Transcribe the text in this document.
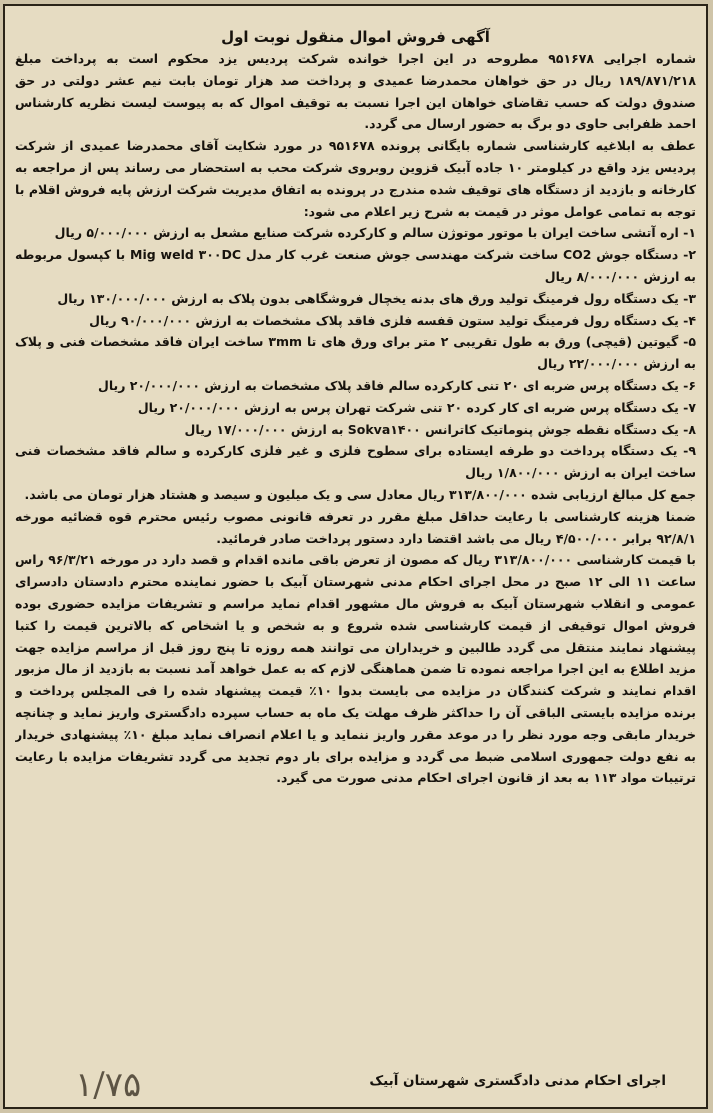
آگهی فروش اموال منقول نوبت اول

شماره اجرایی ۹۵۱۶۷۸ مطروحه در این اجرا خوانده شرکت پردیس یزد محکوم است به پرداخت مبلغ ۱۸۹/۸۷۱/۲۱۸ ریال در حق خواهان محمدرضا عمیدی و پرداخت صد هزار تومان بابت نیم عشر دولتی در حق صندوق دولت که حسب تقاضای خواهان این اجرا نسبت به توقیف اموال که به پیوست لیست نظریه کارشناس احمد ظفرابی حاوی دو برگ به حضور ارسال می گردد.

عطف به ابلاغیه کارشناسی شماره بایگانی پرونده ۹۵۱۶۷۸ در مورد شکایت آقای محمدرضا عمیدی از شرکت پردیس یزد واقع در کیلومتر ۱۰ جاده آبیک قزوین روبروی شرکت محب به استحضار می رساند پس از مراجعه به کارخانه و بازدید از دستگاه های توقیف شده مندرج در پرونده به اتفاق مدیریت شرکت ارزش پایه فروش اقلام با توجه به تمامی عوامل موثر در قیمت به شرح زیر اعلام می شود:

۱- اره آتشی ساخت ایران با موتور موتوژن سالم و کارکرده شرکت صنایع مشعل به ارزش ۵/۰۰۰/۰۰۰ ریال
۲- دستگاه جوش CO2 ساخت شرکت مهندسی جوش صنعت غرب کار مدل Mig weld ۳۰۰DC با کپسول مربوطه به ارزش ۸/۰۰۰/۰۰۰ ریال
۳- یک دستگاه رول فرمینگ تولید ورق های بدنه یخچال فروشگاهی بدون پلاک به ارزش ۱۳۰/۰۰۰/۰۰۰ ریال
۴- یک دستگاه رول فرمینگ تولید ستون قفسه فلزی فاقد پلاک مشخصات به ارزش ۹۰/۰۰۰/۰۰۰ ریال
۵- گیوتین (قیچی) ورق به طول تقریبی ۲ متر برای ورق های تا ۳mm ساخت ایران فاقد مشخصات فنی و پلاک به ارزش ۲۲/۰۰۰/۰۰۰ ریال
۶- یک دستگاه پرس ضربه ای ۲۰ تنی کارکرده سالم فاقد پلاک مشخصات به ارزش ۲۰/۰۰۰/۰۰۰ ریال
۷- یک دستگاه پرس ضربه ای کار کرده ۲۰ تنی شرکت تهران پرس به ارزش ۲۰/۰۰۰/۰۰۰ ریال
۸- یک دستگاه نقطه جوش پنوماتیک کاترانس Sokva۱۴۰۰ به ارزش ۱۷/۰۰۰/۰۰۰ ریال
۹- یک دستگاه پرداخت دو طرفه ایستاده برای سطوح فلزی و غیر فلزی کارکرده و سالم فاقد مشخصات فنی ساخت ایران به ارزش ۱/۸۰۰/۰۰۰ ریال

جمع کل مبالغ ارزیابی شده ۳۱۳/۸۰۰/۰۰۰ ریال معادل سی و یک میلیون و سیصد و هشتاد هزار تومان می باشد.

ضمنا هزینه کارشناسی با رعایت حداقل مبلغ مقرر در تعرفه قانونی مصوب رئیس محترم قوه قضائیه مورخه ۹۲/۸/۱ برابر ۴/۵۰۰/۰۰۰ ریال می باشد اقتضا دارد دستور پرداخت صادر فرمائید.

با قیمت کارشناسی ۳۱۳/۸۰۰/۰۰۰ ریال که مصون از تعرض باقی مانده اقدام و قصد دارد در مورخه ۹۶/۳/۲۱ راس ساعت ۱۱ الی ۱۲ صبح در محل اجرای احکام مدنی شهرستان آبیک با حضور نماینده محترم دادستان دادسرای عمومی و انقلاب شهرستان آبیک به فروش مال مشهور اقدام نماید مراسم و تشریفات مزایده حضوری بوده فروش اموال توقیفی از قیمت کارشناسی شده شروع و به شخص و یا اشخاص که بالاترین قیمت را کتبا پیشنهاد نمایند منتقل می گردد طالبین و خریداران می توانند همه روزه تا پنج روز قبل از مراسم مزایده جهت مزید اطلاع به این اجرا مراجعه نموده تا ضمن هماهنگی لازم که به عمل خواهد آمد نسبت به بازدید از مال مزبور اقدام نمایند و شرکت کنندگان در مزایده می بایست بدوا ۱۰٪ قیمت پیشنهاد شده را فی المجلس پرداخت و برنده مزایده بایستی الباقی آن را حداکثر ظرف مهلت یک ماه به حساب سپرده دادگستری واریز نماید و چنانچه خریدار مابقی وجه مورد نظر را در موعد مقرر واریز ننماید و یا اعلام انصراف نماید مبلغ ۱۰٪ پیشنهادی خریدار به نفع دولت جمهوری اسلامی ضبط می گردد و مزایده برای بار دوم تجدید می گردد تشریفات مزایده با رعایت ترتیبات مواد ۱۱۳ به بعد از قانون اجرای احکام مدنی صورت می گیرد.

اجرای احکام مدنی دادگستری شهرستان آبیک
۱/۷۵
